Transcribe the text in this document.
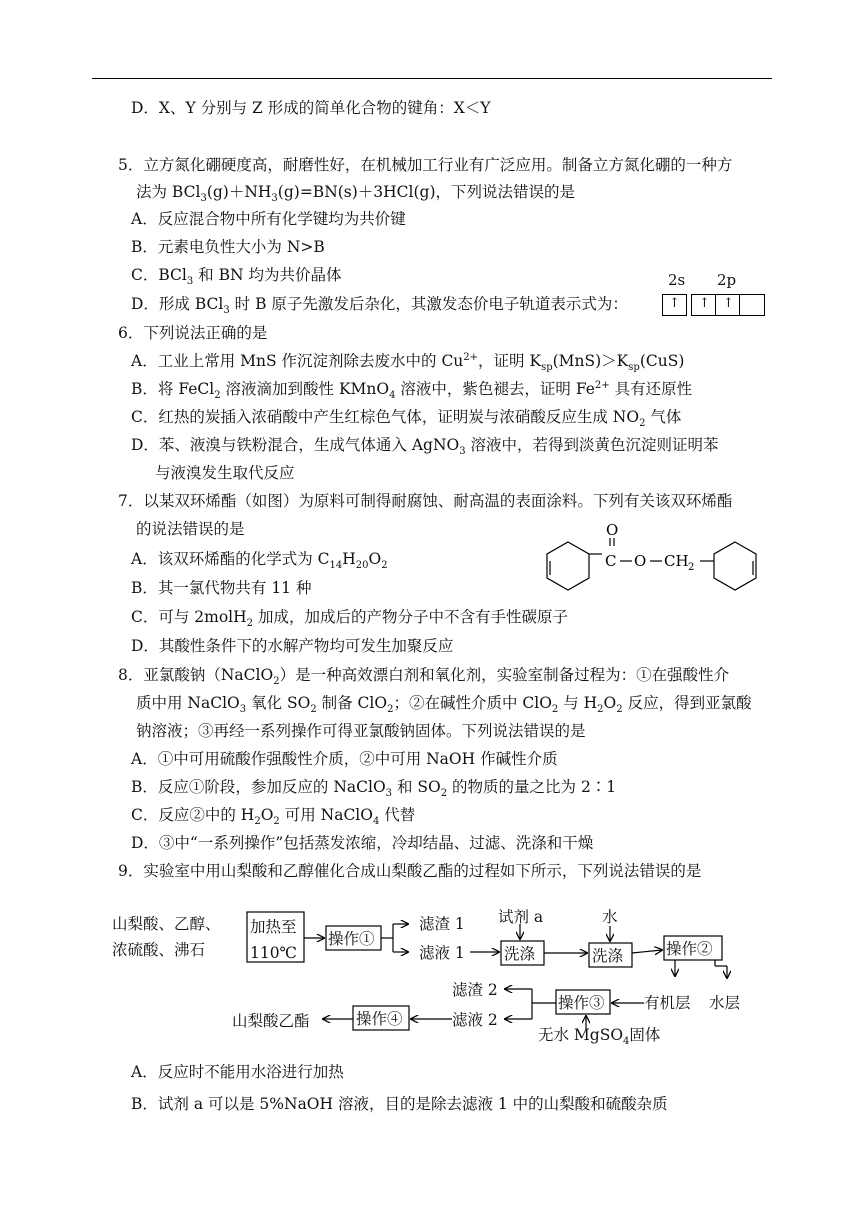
D．X、Y 分别与 Z 形成的简单化合物的键角：X＜Y
5．立方氮化硼硬度高，耐磨性好，在机械加工行业有广泛应用。制备立方氮化硼的一种方
法为 $BCl_3(g)+NH_3(g)=BN(s)+3HCl(g)$，下列说法错误的是
A．反应混合物中所有化学键均为共价键
B．元素电负性大小为 N>B
C．BCl$_3$ 和 BN 均为共价晶体
D．形成 BCl$_3$ 时 B 原子先激发后杂化，其激发态价电子轨道表示式为：
2s 2p
↑ ↑ ↑
6．下列说法正确的是
A．工业上常用 MnS 作沉淀剂除去废水中的 $Cu^{2+}$，证明 $K_{sp}(MnS)>K_{sp}(CuS)$
B．将 FeCl$_2$ 溶液滴加到酸性 KMnO$_4$ 溶液中，紫色褪去，证明 $Fe^{2+}$ 具有还原性
C．红热的炭插入浓硝酸中产生红棕色气体，证明炭与浓硝酸反应生成 $NO_2$ 气体
D．苯、液溴与铁粉混合，生成气体通入 AgNO$_3$ 溶液中，若得到淡黄色沉淀则证明苯
与液溴发生取代反应
7．以某双环烯酯（如图）为原料可制得耐腐蚀、耐高温的表面涂料。下列有关该双环烯酯
的说法错误的是
A．该双环烯酯的化学式为 $C_{14}H_{20}O_2$
B．其一氯代物共有 11 种
C．可与 2molH$_2$ 加成，加成后的产物分子中不含有手性碳原子
D．其酸性条件下的水解产物均可发生加聚反应
O
C O CH 2
8．亚氯酸钠（NaClO$_2$）是一种高效漂白剂和氧化剂，实验室制备过程为：①在强酸性介
质中用 NaClO$_3$ 氧化 $SO_2$ 制备 ClO$_2$；②在碱性介质中 ClO$_2$ 与 $H_2O_2$ 反应，得到亚氯酸
钠溶液；③再经一系列操作可得亚氯酸钠固体。下列说法错误的是
A．①中可用硫酸作强酸性介质，②中可用 NaOH 作碱性介质
B．反应①阶段，参加反应的 NaClO$_3$ 和 $SO_2$ 的物质的量之比为 2∶1
C．反应②中的 $H_2O_2$ 可用 NaClO$_4$ 代替
D．③中“一系列操作”包括蒸发浓缩，冷却结晶、过滤、洗涤和干燥
9．实验室中用山梨酸和乙醇催化合成山梨酸乙酯的过程如下所示，下列说法错误的是
山梨酸、乙醇、
浓硫酸、沸石
加热至
110℃
操作①
滤渣 1
滤液 1
试剂 a
洗涤
水
洗涤	操作②
有机层 水层
操作③
无水 MgSO$_4$固体
滤渣 2
滤液 2
操作④
山梨酸乙酯
A．反应时不能用水浴进行加热
B．试剂 a 可以是 5%NaOH 溶液，目的是除去滤液 1 中的山梨酸和硫酸杂质
